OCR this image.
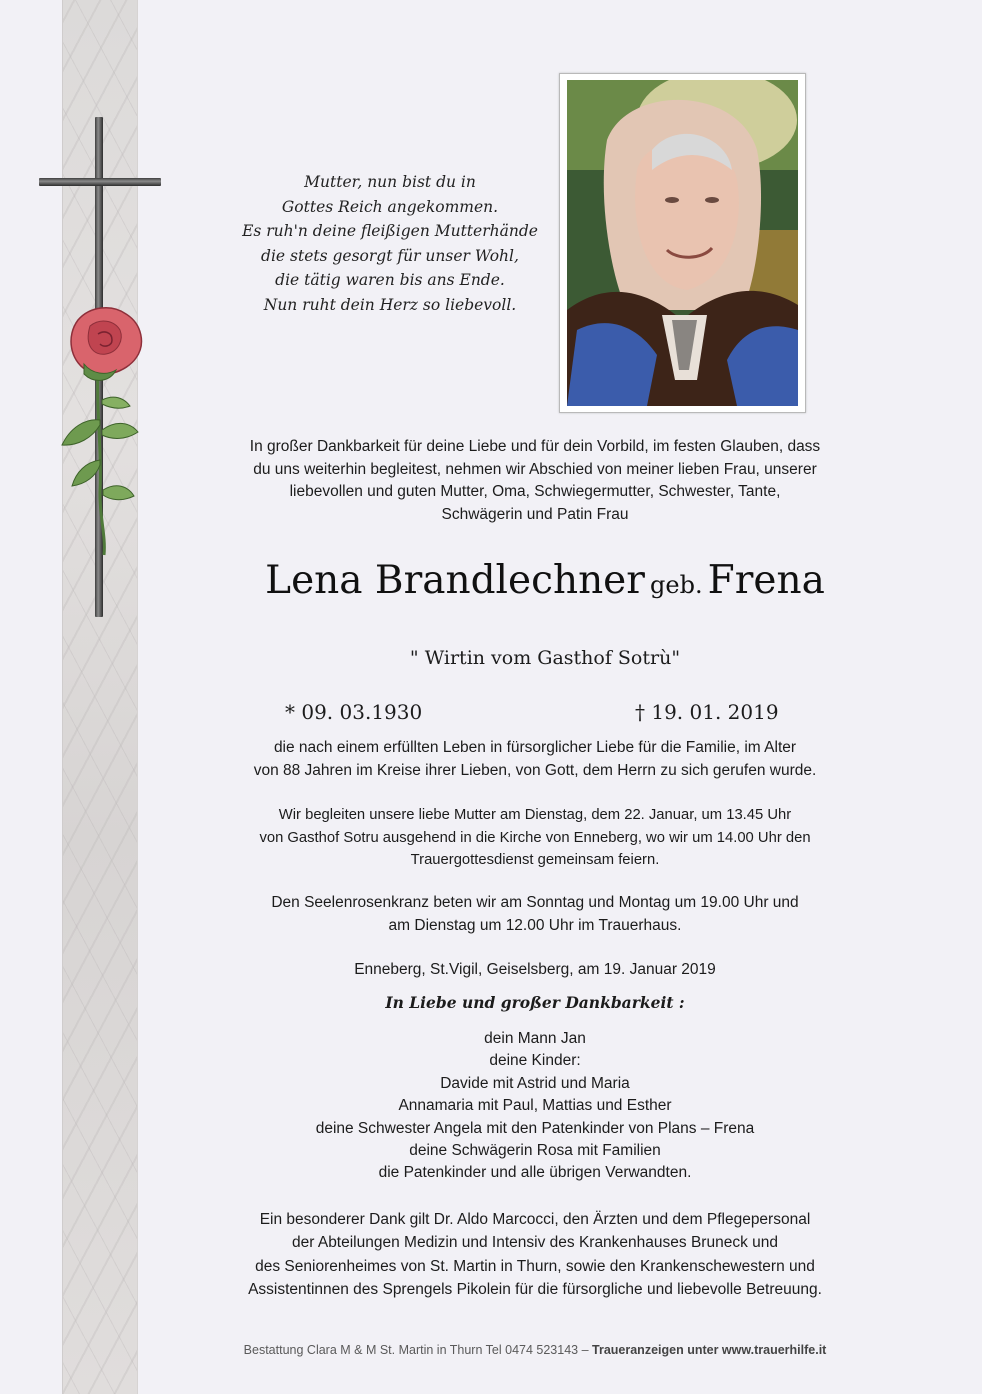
Mutter, nun bist du in
Gottes Reich angekommen.
Es ruh'n deine fleißigen Mutterhände
die stets gesorgt für unser Wohl,
die tätig waren bis ans Ende.
Nun ruht dein Herz so liebevoll.
In großer Dankbarkeit für deine Liebe und für dein Vorbild, im festen Glauben, dass
du uns weiterhin begleitest, nehmen wir Abschied von meiner lieben Frau, unserer
liebevollen und guten Mutter, Oma, Schwiegermutter, Schwester, Tante,
Schwägerin und Patin Frau
Lena Brandlechner geb. Frena
" Wirtin vom Gasthof Sotrù"
* 09. 03.1930	† 19. 01. 2019
die nach einem erfüllten Leben in fürsorglicher Liebe für die Familie, im Alter
von 88 Jahren im Kreise ihrer Lieben, von Gott, dem Herrn zu sich gerufen wurde.
Wir begleiten unsere liebe Mutter am Dienstag, dem 22. Januar, um 13.45 Uhr
von Gasthof Sotru ausgehend in die Kirche von Enneberg, wo wir um 14.00 Uhr den
Trauergottesdienst gemeinsam feiern.
Den Seelenrosenkranz beten wir am Sonntag und Montag um 19.00 Uhr und
am Dienstag um 12.00 Uhr im Trauerhaus.
Enneberg, St.Vigil, Geiselsberg, am 19. Januar 2019
In Liebe und großer Dankbarkeit :
dein Mann Jan
deine Kinder:
Davide mit Astrid und Maria
Annamaria mit Paul, Mattias und Esther
deine Schwester Angela mit den Patenkinder von Plans – Frena
deine Schwägerin Rosa mit Familien
die Patenkinder und alle übrigen Verwandten.
Ein besonderer Dank gilt Dr. Aldo Marcocci, den Ärzten und dem Pflegepersonal
der Abteilungen Medizin und Intensiv des Krankenhauses Bruneck und
des Seniorenheimes von St. Martin in Thurn, sowie den Krankenschewestern und
Assistentinnen des Sprengels Pikolein für die fürsorgliche und liebevolle Betreuung.
Bestattung Clara M & M St. Martin in Thurn Tel 0474 523143 – Traueranzeigen unter www.trauerhilfe.it
